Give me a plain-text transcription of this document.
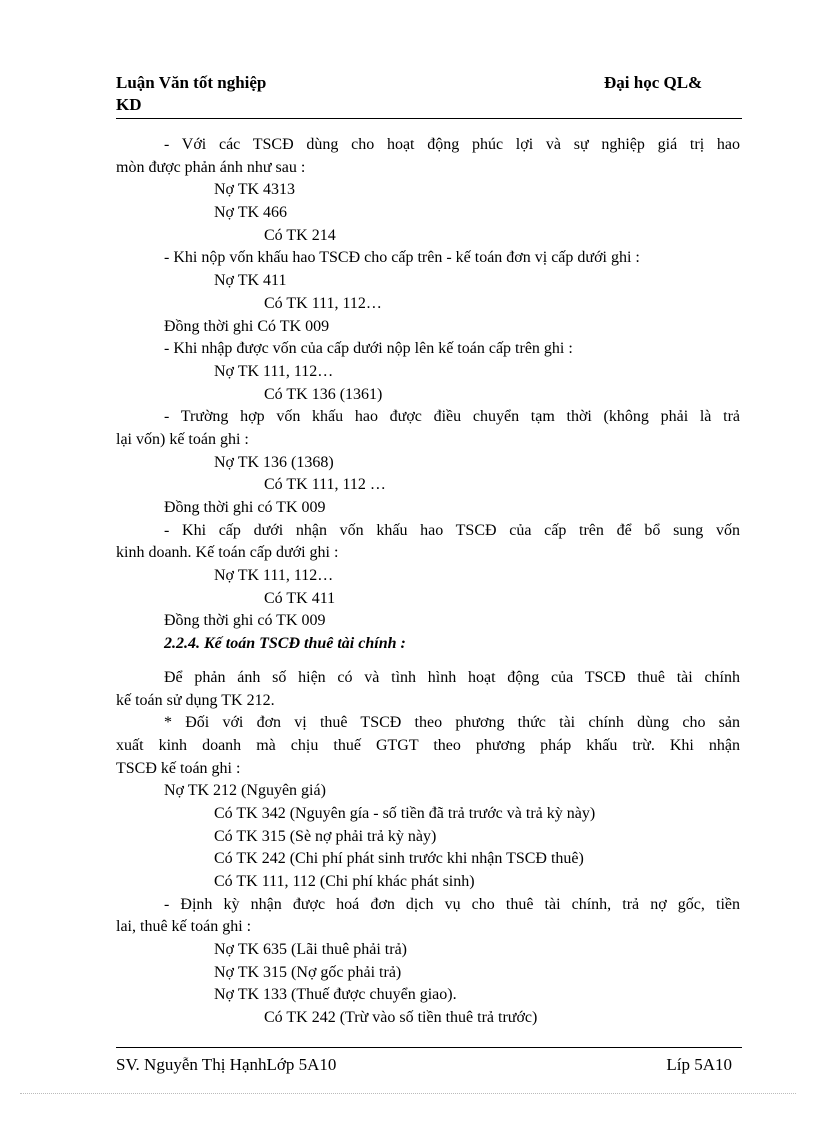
Luận Văn tốt nghiệp	Đại học QL&
KD
- Với các TSCĐ dùng cho hoạt động phúc lợi và sự nghiệp giá trị hao
mòn được phản ánh như sau :
Nợ TK 4313
Nợ TK 466
Có TK 214
- Khi nộp vốn khấu hao TSCĐ cho cấp trên - kế toán đơn vị cấp dưới ghi :
Nợ TK 411
Có TK 111, 112…
Đồng thời ghi Có TK 009
- Khi nhập được vốn của cấp dưới nộp lên kế toán cấp trên ghi :
Nợ TK 111, 112…
Có TK 136 (1361)
- Trường hợp vốn khấu hao được điều chuyển tạm thời (không phải là trả
lại vốn) kế toán ghi :
Nợ TK 136 (1368)
Có TK 111, 112 …
Đồng thời ghi có TK 009
- Khi cấp dưới nhận vốn khấu hao TSCĐ của cấp trên để bổ sung vốn
kinh doanh. Kế toán cấp dưới ghi :
Nợ TK 111, 112…
Có TK 411
Đồng thời ghi có TK 009
2.2.4. Kế toán TSCĐ thuê tài chính :
Để phản ánh số hiện có và tình hình hoạt động của TSCĐ thuê tài chính
kế toán sử dụng TK 212.
* Đối với đơn vị thuê TSCĐ theo phương thức tài chính dùng cho sản
xuất kinh doanh mà chịu thuế GTGT theo phương pháp khấu trừ. Khi nhận
TSCĐ kế toán ghi :
Nợ TK 212 (Nguyên giá)
Có TK 342 (Nguyên gía - số tiền đã trả trước và trả kỳ này)
Có TK 315 (Sè nợ phải trả kỳ này)
Có TK 242 (Chi phí phát sinh trước khi nhận TSCĐ thuê)
Có TK 111, 112 (Chi phí khác phát sinh)
- Định kỳ nhận được hoá đơn dịch vụ cho thuê tài chính, trả nợ gốc, tiền
lai, thuê kế toán ghi :
Nợ TK 635 (Lãi thuê phải trả)
Nợ TK 315 (Nợ gốc phải trả)
Nợ TK 133 (Thuế được chuyển giao).
Có TK 242 (Trừ vào số tiền thuê trả trước)
SV. Nguyễn Thị HạnhLớp 5A10	Líp 5A10
